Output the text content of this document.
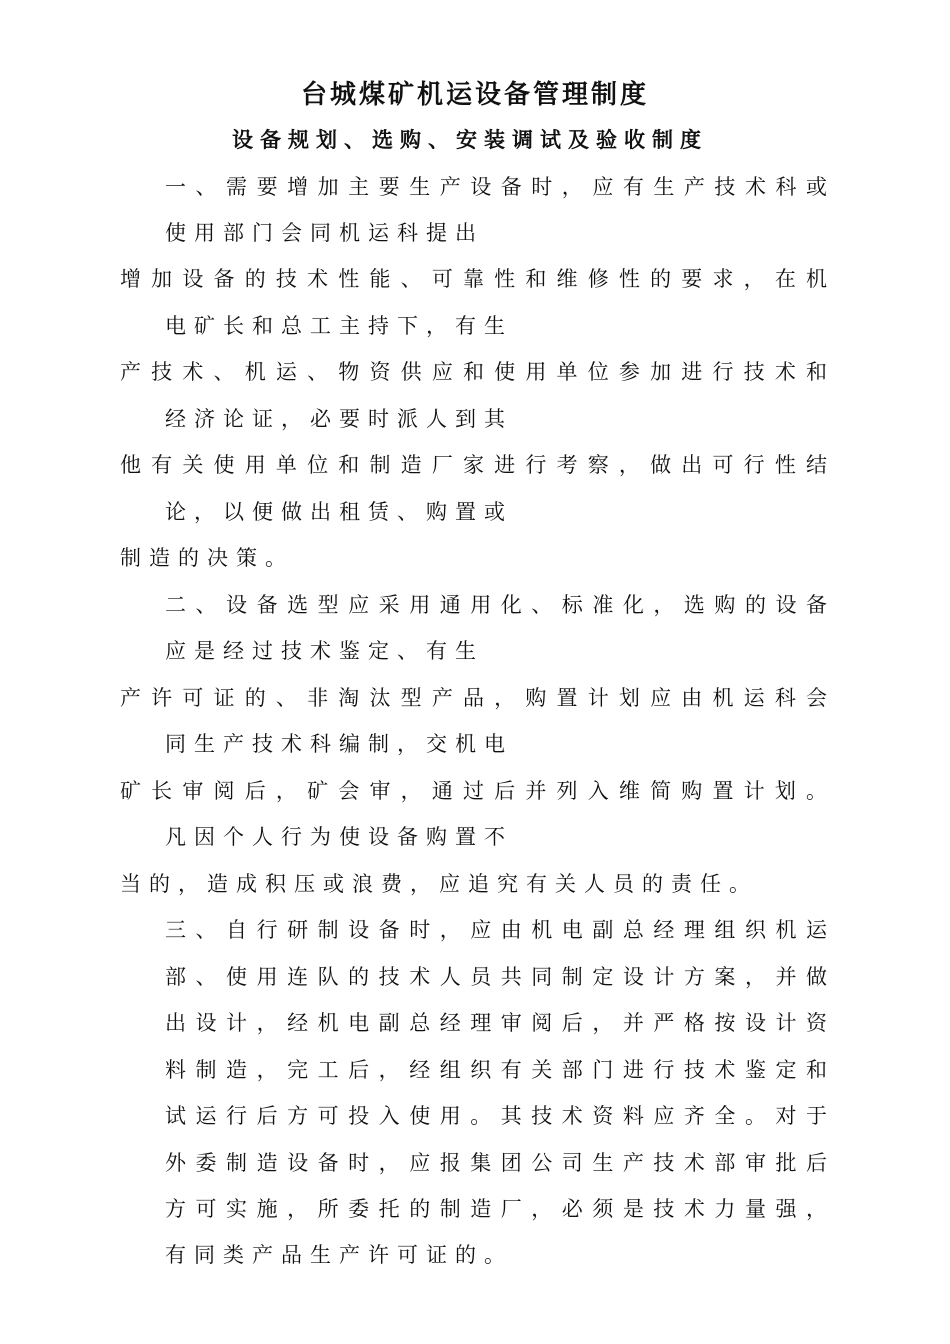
台城煤矿机运设备管理制度
设备规划、选购、安装调试及验收制度
一、需要增加主要生产设备时，应有生产技术科或
使用部门会同机运科提出
增加设备的技术性能、可靠性和维修性的要求，在机
电矿长和总工主持下，有生
产技术、机运、物资供应和使用单位参加进行技术和
经济论证，必要时派人到其
他有关使用单位和制造厂家进行考察，做出可行性结
论，以便做出租赁、购置或
制造的决策。
二、设备选型应采用通用化、标准化，选购的设备
应是经过技术鉴定、有生
产许可证的、非淘汰型产品，购置计划应由机运科会
同生产技术科编制，交机电
矿长审阅后，矿会审，通过后并列入维简购置计划。
凡因个人行为使设备购置不
当的，造成积压或浪费，应追究有关人员的责任。
三、自行研制设备时，应由机电副总经理组织机运
部、使用连队的技术人员共同制定设计方案，并做
出设计，经机电副总经理审阅后，并严格按设计资
料制造，完工后，经组织有关部门进行技术鉴定和
试运行后方可投入使用。其技术资料应齐全。对于
外委制造设备时，应报集团公司生产技术部审批后
方可实施，所委托的制造厂，必须是技术力量强，
有同类产品生产许可证的。
